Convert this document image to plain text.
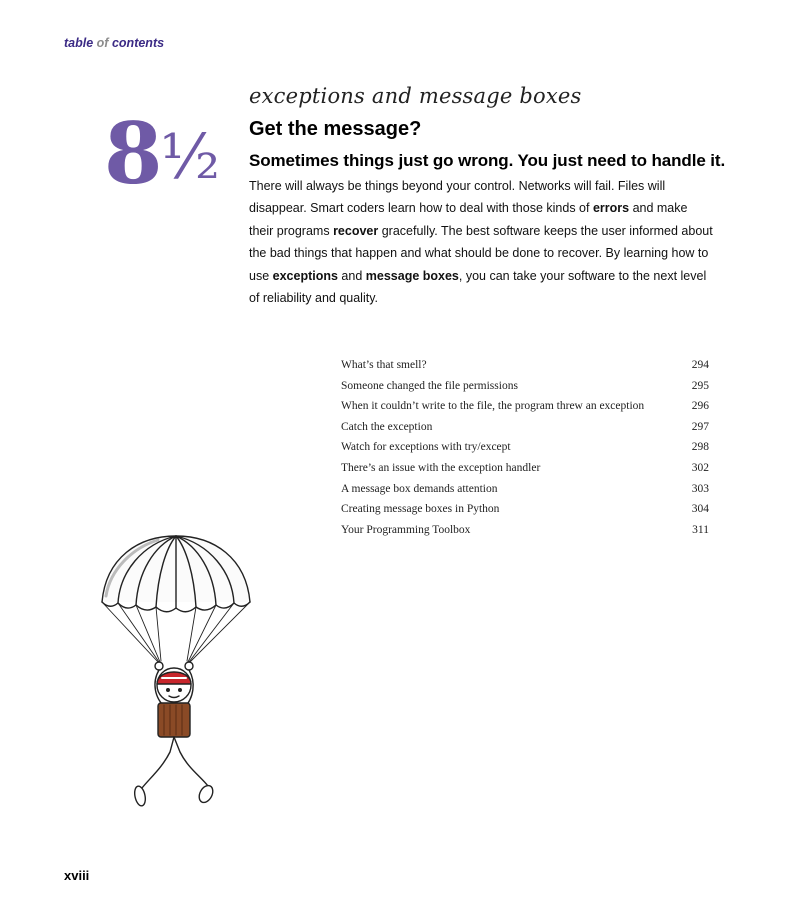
table of contents
8 ½
exceptions and message boxes
Get the message?
Sometimes things just go wrong. You just need to handle it.

There will always be things beyond your control. Networks will fail. Files will disappear. Smart coders learn how to deal with those kinds of errors and make their programs recover gracefully. The best software keeps the user informed about the bad things that happen and what should be done to recover. By learning how to use exceptions and message boxes, you can take your software to the next level of reliability and quality.

What’s that smell?	294
Someone changed the file permissions	295
When it couldn’t write to the file, the program threw an exception	296
Catch the exception	297
Watch for exceptions with try/except	298
There’s an issue with the exception handler	302
A message box demands attention	303
Creating message boxes in Python	304
Your Programming Toolbox	311
xviii
